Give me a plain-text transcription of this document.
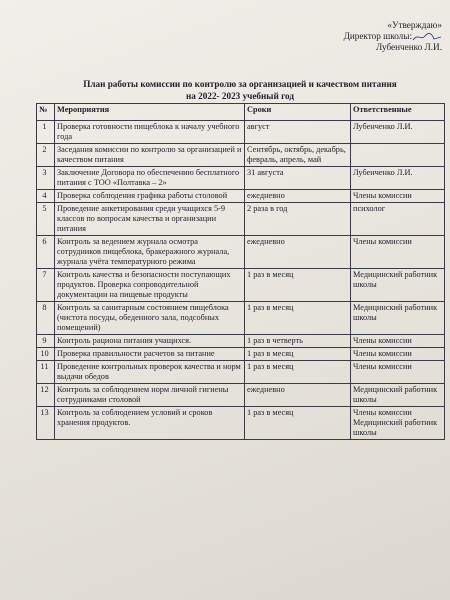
«Утверждаю»
Директор школы:
Лубенченко Л.И.
План работы комиссии по контролю за организацией и качеством питания
на 2022- 2023 учебный год
№	Мероприятия	Сроки	Ответственные
1	Проверка готовности пищеблока к началу учебного года	август	Лубенченко Л.И.
2	Заседания комиссии по контролю за организацией и качеством питания	Сентябрь, октябрь, декабрь, февраль, апрель, май	
3	Заключение Договора по обеспечению бесплатного питания с ТОО «Полтавка – 2»	31 августа	Лубенченко Л.И.
4	Проверка соблюдения графика работы столовой	ежедневно	Члены комиссии
5	Проведение анкетирования среди учащихся 5-9 классов по вопросам качества и организации питания	2 раза в год	психолог
6	Контроль за ведением журнала осмотра сотрудников пищеблока, бракеражного журнала, журнала учёта температурного режима	ежедневно	Члены комиссии
7	Контроль качества и безопасности поступающих продуктов. Проверка сопроводительной документации на пищевые продукты	1 раз в месяц	Медицинский работник школы
8	Контроль за санитарным состоянием пищеблока (чистота посуды, обеденного зала, подсобных помещений)	1 раз в месяц	Медицинский работник школы
9	Контроль рациона питания учащихся.	1 раз в четверть	Члены комиссии
10	Проверка правильности расчетов за питание	1 раз в месяц	Члены комиссии
11	Проведение контрольных проверок качества и норм выдачи обедов	1 раз в месяц	Члены комиссии
12	Контроль за соблюдением норм личной гигиены сотрудниками столовой	ежедневно	Медицинский работник школы
13	Контроль за соблюдением условий и сроков хранения продуктов.	1 раз в месяц	Члены комиссии Медицинский работник школы
